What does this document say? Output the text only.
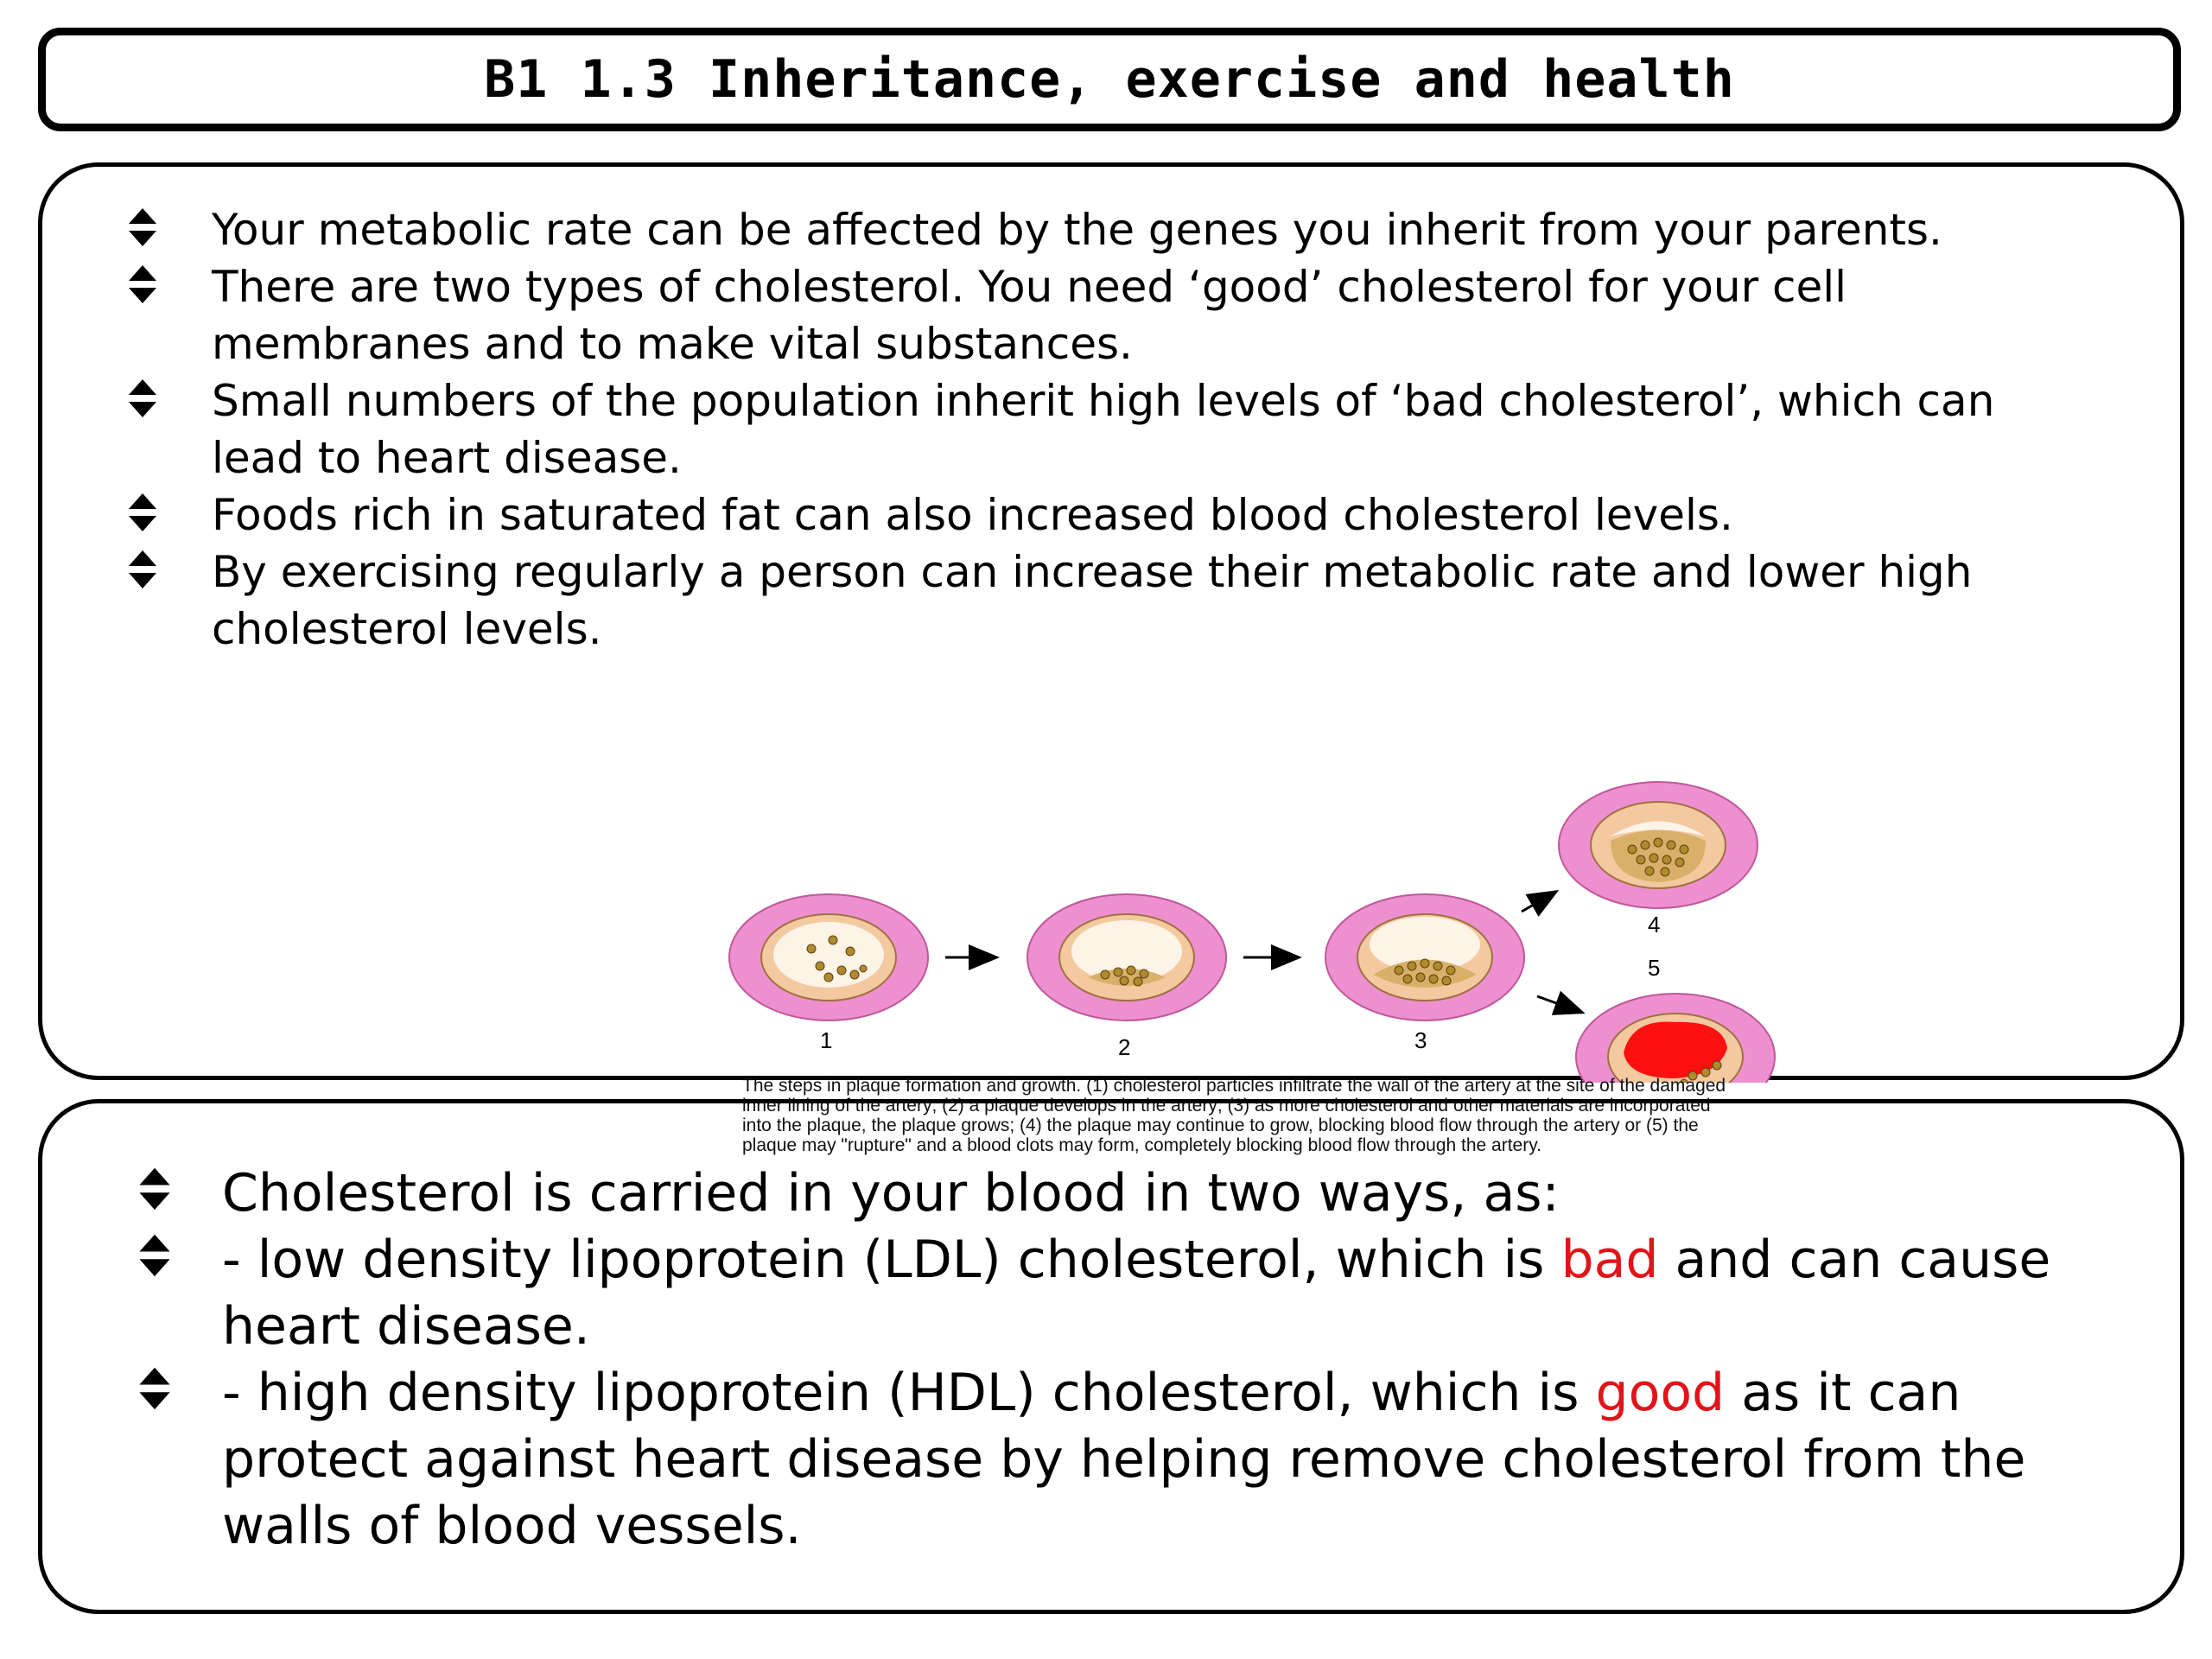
B1 1.3 Inheritance, exercise and health
Your metabolic rate can be affected by the genes you inherit from your parents.
There are two types of cholesterol. You need ‘good’ cholesterol for your cell membranes and to make vital substances.
Small numbers of the population inherit high levels of ‘bad cholesterol’, which can lead to heart disease.
Foods rich in saturated fat can also increased blood cholesterol levels.
By exercising regularly a person can increase their metabolic rate and lower high cholesterol levels.
1	2	3
4
5
The steps in plaque formation and growth. (1) cholesterol particles infiltrate the wall of the artery at the site of the damaged inner lining of the artery; (2) a plaque develops in the artery; (3) as more cholesterol and other materials are incorporated into the plaque, the plaque grows; (4) the plaque may continue to grow, blocking blood flow through the artery or (5) the plaque may "rupture" and a blood clots may form, completely blocking blood flow through the artery.
Cholesterol is carried in your blood in two ways, as:
- low density lipoprotein (LDL) cholesterol, which is bad and can cause heart disease.
- high density lipoprotein (HDL) cholesterol, which is good as it can protect against heart disease by helping remove cholesterol from the walls of blood vessels.
